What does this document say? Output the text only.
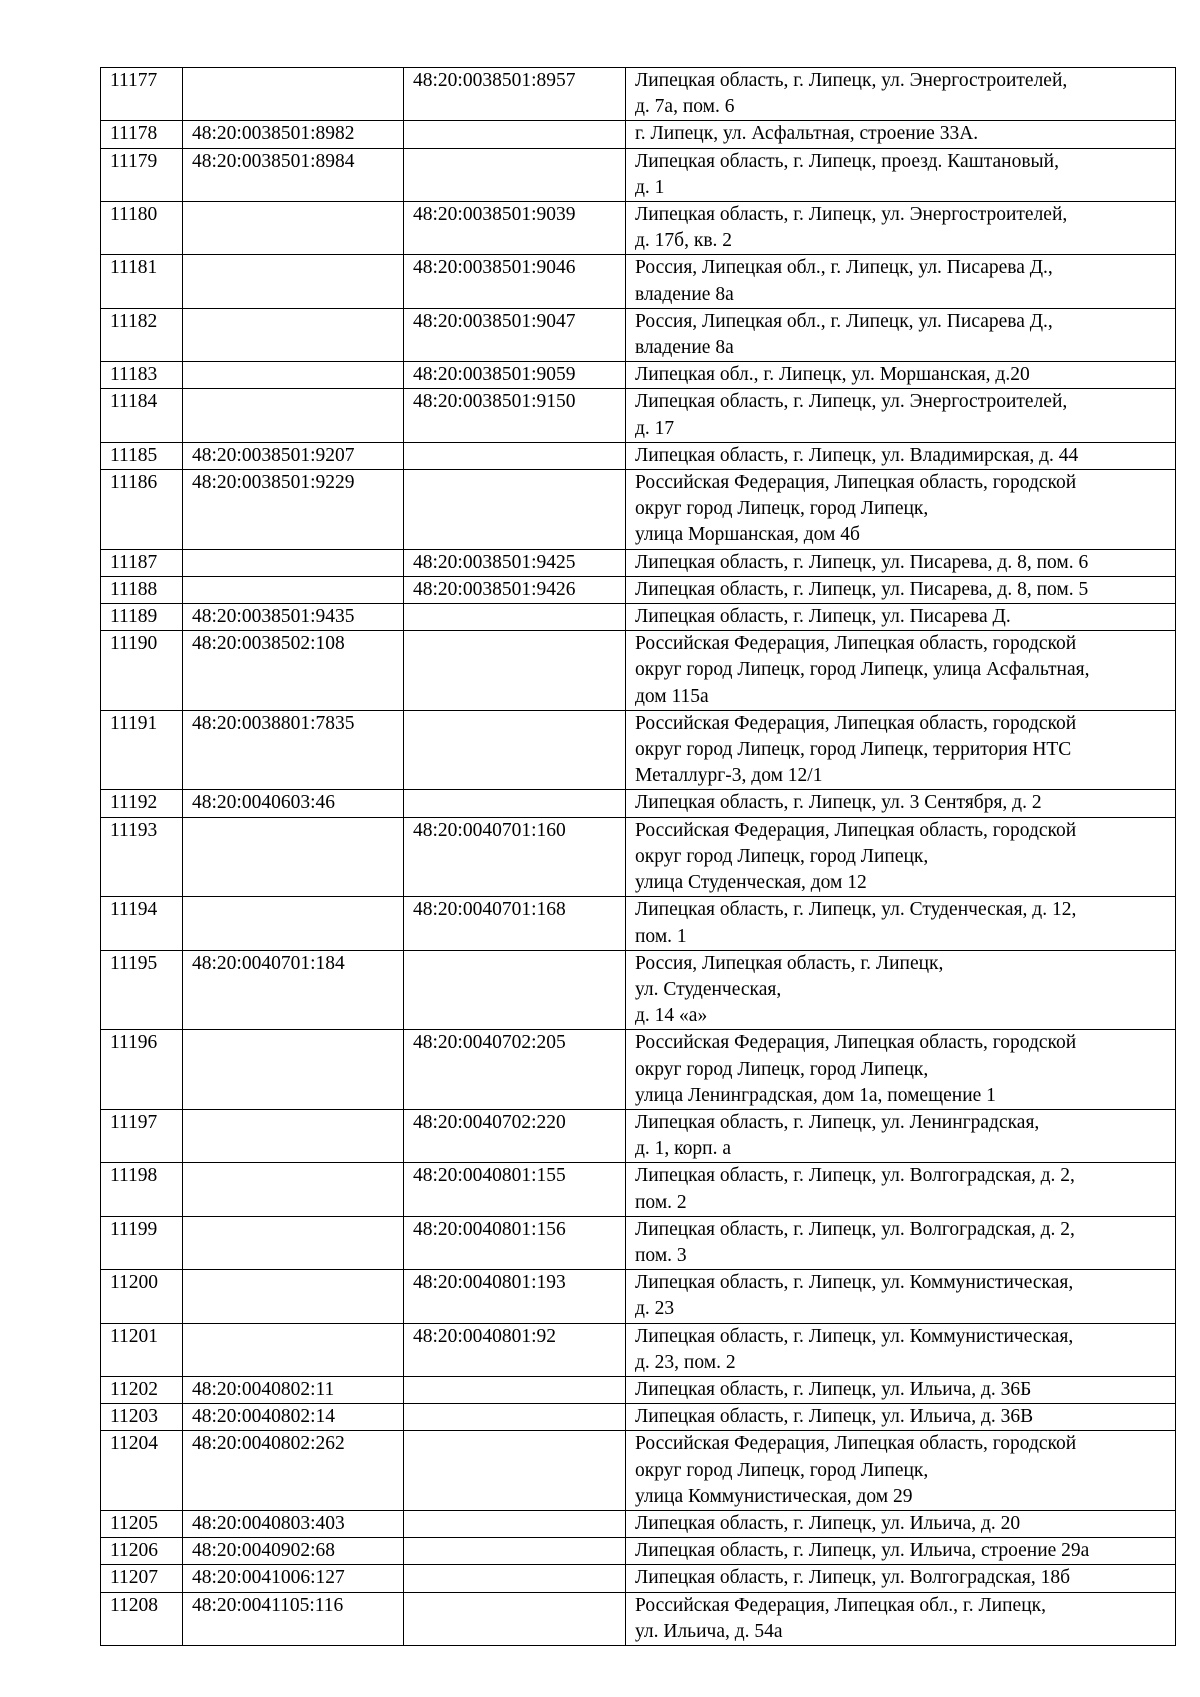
11177		48:20:0038501:8957	Липецкая область, г. Липецк, ул. Энергостроителей,
д. 7а, пом. 6
11178	48:20:0038501:8982		г. Липецк, ул. Асфальтная, строение 33А.
11179	48:20:0038501:8984		Липецкая область, г. Липецк, проезд. Каштановый,
д. 1
11180		48:20:0038501:9039	Липецкая область, г. Липецк, ул. Энергостроителей,
д. 17б, кв. 2
11181		48:20:0038501:9046	Россия, Липецкая обл., г. Липецк, ул. Писарева Д.,
владение 8а
11182		48:20:0038501:9047	Россия, Липецкая обл., г. Липецк, ул. Писарева Д.,
владение 8а
11183		48:20:0038501:9059	Липецкая обл., г. Липецк, ул. Моршанская, д.20
11184		48:20:0038501:9150	Липецкая область, г. Липецк, ул. Энергостроителей,
д. 17
11185	48:20:0038501:9207		Липецкая область, г. Липецк, ул. Владимирская, д. 44
11186	48:20:0038501:9229		Российская Федерация, Липецкая область, городской
округ город Липецк, город Липецк,
улица Моршанская, дом 4б
11187		48:20:0038501:9425	Липецкая область, г. Липецк, ул. Писарева, д. 8, пом. 6
11188		48:20:0038501:9426	Липецкая область, г. Липецк, ул. Писарева, д. 8, пом. 5
11189	48:20:0038501:9435		Липецкая область, г. Липецк, ул. Писарева Д.
11190	48:20:0038502:108		Российская Федерация, Липецкая область, городской
округ город Липецк, город Липецк, улица Асфальтная,
дом 115а
11191	48:20:0038801:7835		Российская Федерация, Липецкая область, городской
округ город Липецк, город Липецк, территория НТС
Металлург-3, дом 12/1
11192	48:20:0040603:46		Липецкая область, г. Липецк, ул. 3 Сентября, д. 2
11193		48:20:0040701:160	Российская Федерация, Липецкая область, городской
округ город Липецк, город Липецк,
улица Студенческая, дом 12
11194		48:20:0040701:168	Липецкая область, г. Липецк, ул. Студенческая, д. 12,
пом. 1
11195	48:20:0040701:184		Россия, Липецкая область, г. Липецк,
ул. Студенческая,
д. 14 «а»
11196		48:20:0040702:205	Российская Федерация, Липецкая область, городской
округ город Липецк, город Липецк,
улица Ленинградская, дом 1а, помещение 1
11197		48:20:0040702:220	Липецкая область, г. Липецк, ул. Ленинградская,
д. 1, корп. а
11198		48:20:0040801:155	Липецкая область, г. Липецк, ул. Волгоградская, д. 2,
пом. 2
11199		48:20:0040801:156	Липецкая область, г. Липецк, ул. Волгоградская, д. 2,
пом. 3
11200		48:20:0040801:193	Липецкая область, г. Липецк, ул. Коммунистическая,
д. 23
11201		48:20:0040801:92	Липецкая область, г. Липецк, ул. Коммунистическая,
д. 23, пом. 2
11202	48:20:0040802:11		Липецкая область, г. Липецк, ул. Ильича, д. 36Б
11203	48:20:0040802:14		Липецкая область, г. Липецк, ул. Ильича, д. 36В
11204	48:20:0040802:262		Российская Федерация, Липецкая область, городской
округ город Липецк, город Липецк,
улица Коммунистическая, дом 29
11205	48:20:0040803:403		Липецкая область, г. Липецк, ул. Ильича, д. 20
11206	48:20:0040902:68		Липецкая область, г. Липецк, ул. Ильича, строение 29а
11207	48:20:0041006:127		Липецкая область, г. Липецк, ул. Волгоградская, 18б
11208	48:20:0041105:116		Российская Федерация, Липецкая обл., г. Липецк,
ул. Ильича, д. 54а
